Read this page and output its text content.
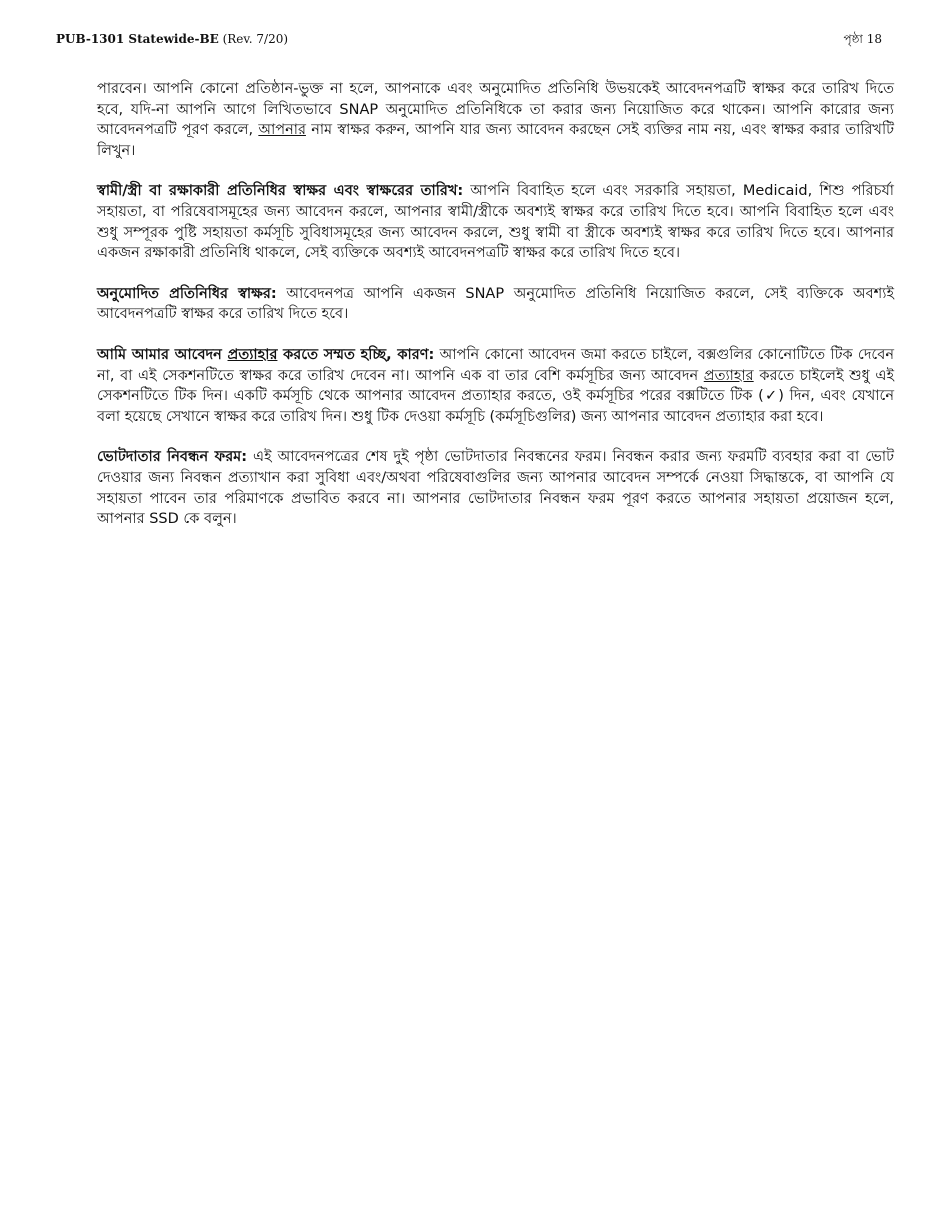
PUB-1301 Statewide-BE (Rev. 7/20)	পৃষ্ঠা 18

পারবেন। আপনি কোনো প্রতিষ্ঠান-ভুক্ত না হলে, আপনাকে এবং অনুমোদিত প্রতিনিধি উভয়কেই আবেদনপত্রটি স্বাক্ষর করে তারিখ দিতে হবে, যদি-না আপনি আগে লিখিতভাবে SNAP অনুমোদিত প্রতিনিধিকে তা করার জন্য নিয়োজিত করে থাকেন। আপনি কারোর জন্য আবেদনপত্রটি পূরণ করলে, আপনার নাম স্বাক্ষর করুন, আপনি যার জন্য আবেদন করছেন সেই ব্যক্তির নাম নয়, এবং স্বাক্ষর করার তারিখটি লিখুন।

স্বামী/স্ত্রী বা রক্ষাকারী প্রতিনিধির স্বাক্ষর এবং স্বাক্ষরের তারিখ: আপনি বিবাহিত হলে এবং সরকারি সহায়তা, Medicaid, শিশু পরিচর্যা সহায়তা, বা পরিষেবাসমূহের জন্য আবেদন করলে, আপনার স্বামী/স্ত্রীকে অবশ্যই স্বাক্ষর করে তারিখ দিতে হবে। আপনি বিবাহিত হলে এবং শুধু সম্পূরক পুষ্টি সহায়তা কর্মসূচি সুবিধাসমূহের জন্য আবেদন করলে, শুধু স্বামী বা স্ত্রীকে অবশ্যই স্বাক্ষর করে তারিখ দিতে হবে। আপনার একজন রক্ষাকারী প্রতিনিধি থাকলে, সেই ব্যক্তিকে অবশ্যই আবেদনপত্রটি স্বাক্ষর করে তারিখ দিতে হবে।

অনুমোদিত প্রতিনিধির স্বাক্ষর: আবেদনপত্র আপনি একজন SNAP অনুমোদিত প্রতিনিধি নিয়োজিত করলে, সেই ব্যক্তিকে অবশ্যই আবেদনপত্রটি স্বাক্ষর করে তারিখ দিতে হবে।

আমি আমার আবেদন প্রত্যাহার করতে সম্মত হচ্ছি, কারণ: আপনি কোনো আবেদন জমা করতে চাইলে, বক্সগুলির কোনোটিতে টিক দেবেন না, বা এই সেকশনটিতে স্বাক্ষর করে তারিখ দেবেন না। আপনি এক বা তার বেশি কর্মসূচির জন্য আবেদন প্রত্যাহার করতে চাইলেই শুধু এই সেকশনটিতে টিক দিন। একটি কর্মসূচি থেকে আপনার আবেদন প্রত্যাহার করতে, ওই কর্মসূচির পরের বক্সটিতে টিক (✓) দিন, এবং যেখানে বলা হয়েছে সেখানে স্বাক্ষর করে তারিখ দিন। শুধু টিক দেওয়া কর্মসূচি (কর্মসূচিগুলির) জন্য আপনার আবেদন প্রত্যাহার করা হবে।

ভোটদাতার নিবন্ধন ফরম: এই আবেদনপত্রের শেষ দুই পৃষ্ঠা ভোটদাতার নিবন্ধনের ফরম। নিবন্ধন করার জন্য ফরমটি ব্যবহার করা বা ভোট দেওয়ার জন্য নিবন্ধন প্রত্যাখান করা সুবিধা এবং/অথবা পরিষেবাগুলির জন্য আপনার আবেদন সম্পর্কে নেওয়া সিদ্ধান্তকে, বা আপনি যে সহায়তা পাবেন তার পরিমাণকে প্রভাবিত করবে না। আপনার ভোটদাতার নিবন্ধন ফরম পূরণ করতে আপনার সহায়তা প্রয়োজন হলে, আপনার SSD কে বলুন।
